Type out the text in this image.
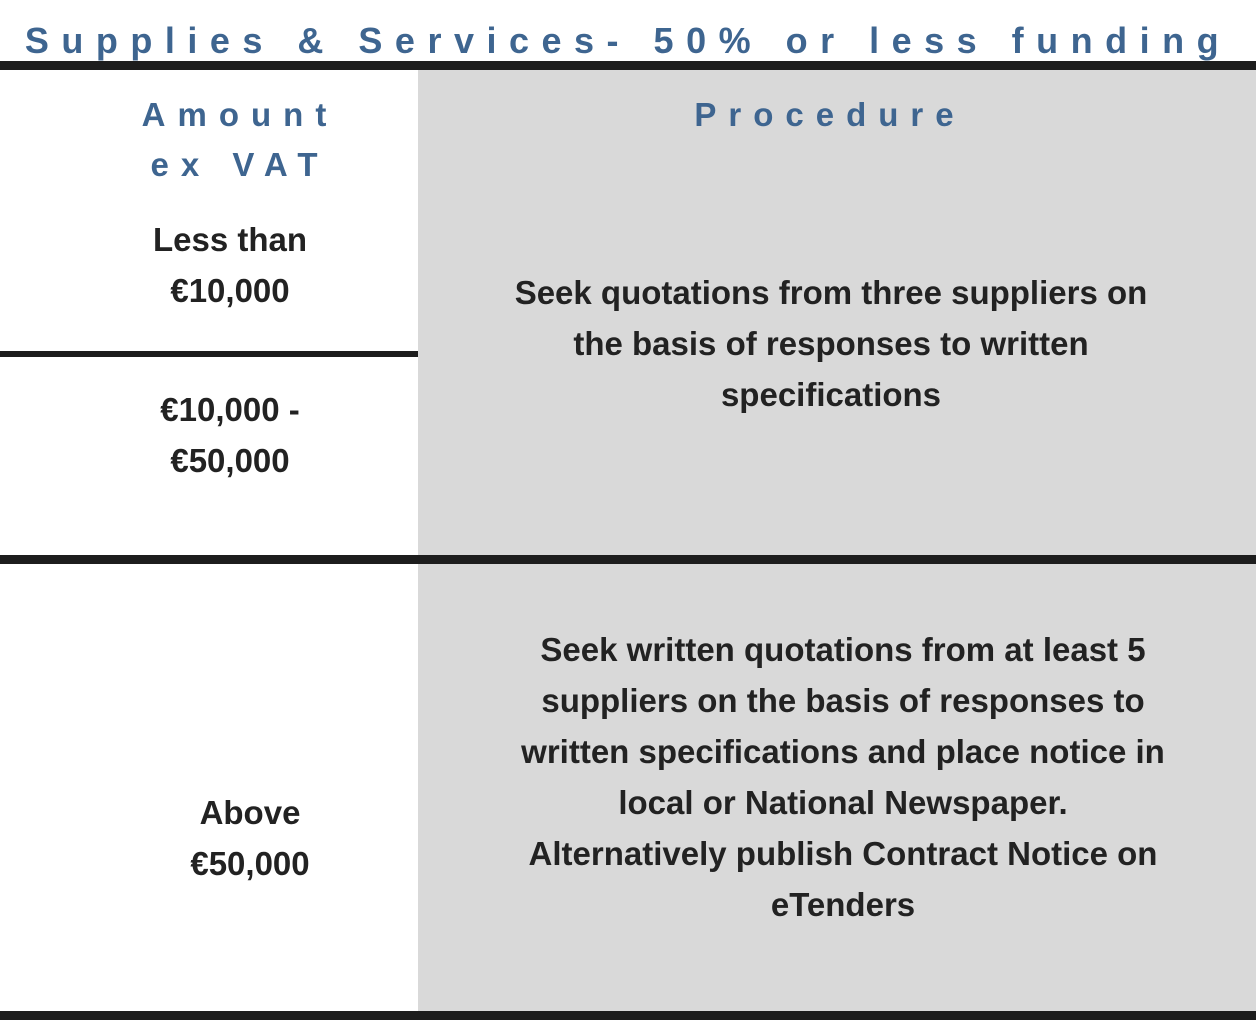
Supplies & Services- 50% or less funding
Amount
ex VAT
Procedure
Less than
€10,000
€10,000 -
€50,000
Above
€50,000
Seek quotations from three suppliers on
the basis of responses to written
specifications
Seek written quotations from at least 5
suppliers on the basis of responses to
written specifications and place notice in
local or National Newspaper.
Alternatively publish Contract Notice on
eTenders
